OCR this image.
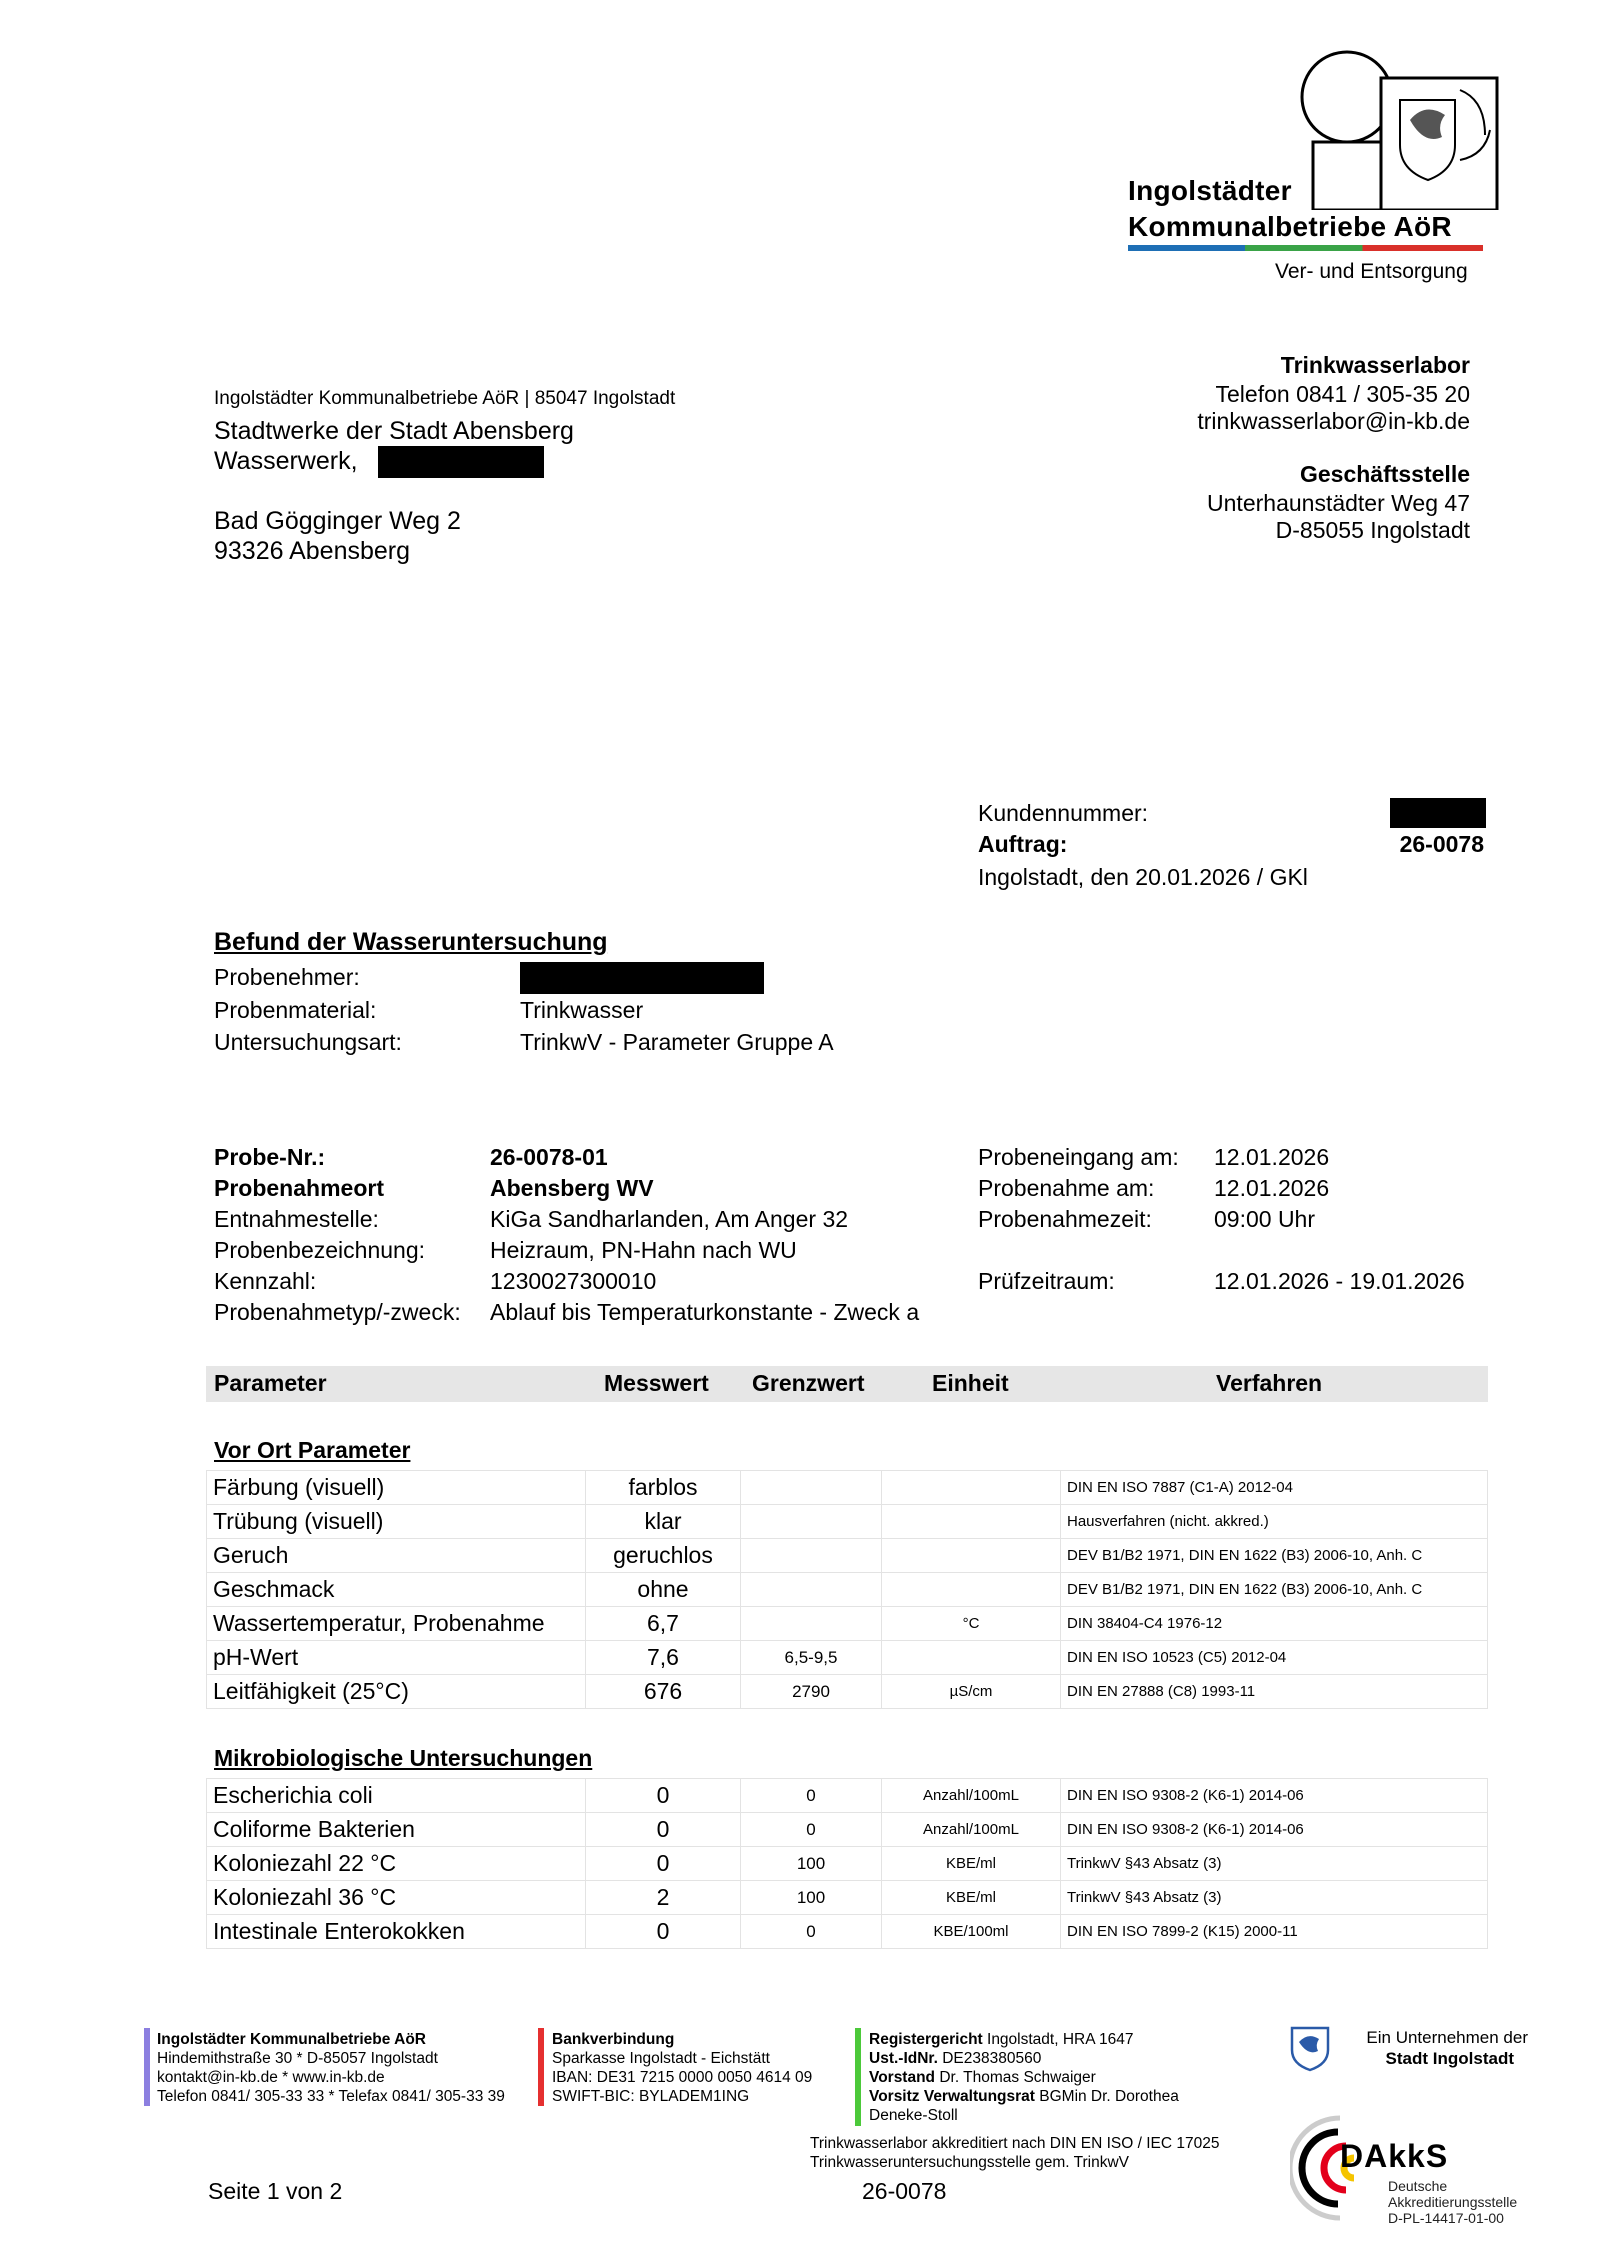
Ingolstädter
Kommunalbetriebe AöR
Ver- und Entsorgung
Ingolstädter Kommunalbetriebe AöR | 85047 Ingolstadt
Stadtwerke der Stadt Abensberg
Wasserwerk,
Bad Gögginger Weg 2
93326 Abensberg
Trinkwasserlabor
Telefon 0841 / 305-35 20
trinkwasserlabor@in-kb.de
Geschäftsstelle
Unterhaunstädter Weg 47
D-85055 Ingolstadt
Kundennummer:
Auftrag:	26-0078
Ingolstadt, den 20.01.2026 / GKl
Befund der Wasseruntersuchung
Probenehmer:
Probenmaterial:	Trinkwasser
Untersuchungsart:	TrinkwV - Parameter Gruppe A
Probe-Nr.:	26-0078-01
Probenahmeort	Abensberg WV
Entnahmestelle:	KiGa Sandharlanden, Am Anger 32
Probenbezeichnung:	Heizraum, PN-Hahn nach WU
Kennzahl:	1230027300010
Probenahmetyp/-zweck: Ablauf bis Temperaturkonstante - Zweck a
Probeneingang am: 12.01.2026
Probenahme am:	12.01.2026
Probenahmezeit:	09:00 Uhr
Prüfzeitraum:	12.01.2026 - 19.01.2026
Parameter	Messwert Grenzwert	Einheit	Verfahren
Vor Ort Parameter
Färbung (visuell)	farblos			DIN EN ISO 7887 (C1-A) 2012-04
Trübung (visuell)	klar			Hausverfahren (nicht. akkred.)
Geruch	geruchlos			DEV B1/B2 1971, DIN EN 1622 (B3) 2006-10, Anh. C
Geschmack	ohne			DEV B1/B2 1971, DIN EN 1622 (B3) 2006-10, Anh. C
Wassertemperatur, Probenahme	6,7		°C	DIN 38404-C4 1976-12
pH-Wert	7,6	6,5-9,5		DIN EN ISO 10523 (C5) 2012-04
Leitfähigkeit (25°C)	676	2790	µS/cm	DIN EN 27888 (C8) 1993-11
Mikrobiologische Untersuchungen
Escherichia coli	0	0	Anzahl/100mL	DIN EN ISO 9308-2 (K6-1) 2014-06
Coliforme Bakterien	0	0	Anzahl/100mL	DIN EN ISO 9308-2 (K6-1) 2014-06
Koloniezahl 22 °C	0	100	KBE/ml	TrinkwV §43 Absatz (3)
Koloniezahl 36 °C	2	100	KBE/ml	TrinkwV §43 Absatz (3)
Intestinale Enterokokken	0	0	KBE/100ml	DIN EN ISO 7899-2 (K15) 2000-11
Ingolstädter Kommunalbetriebe AöR
Hindemithstraße 30 * D-85057 Ingolstadt
kontakt@in-kb.de * www.in-kb.de
Telefon 0841/ 305-33 33 * Telefax 0841/ 305-33 39
Bankverbindung
Sparkasse Ingolstadt - Eichstätt
IBAN: DE31 7215 0000 0050 4614 09
SWIFT-BIC: BYLADEM1ING
Registergericht Ingolstadt, HRA 1647
Ust.-IdNr. DE238380560
Vorstand Dr. Thomas Schwaiger
Vorsitz Verwaltungsrat BGMin Dr. Dorothea
Deneke-Stoll
Trinkwasserlabor akkreditiert nach DIN EN ISO / IEC 17025
Trinkwasseruntersuchungsstelle gem. TrinkwV
Ein Unternehmen der
Stadt Ingolstadt
DAkkS
Deutsche
Akkreditierungsstelle
D-PL-14417-01-00
Seite 1 von 2	26-0078
